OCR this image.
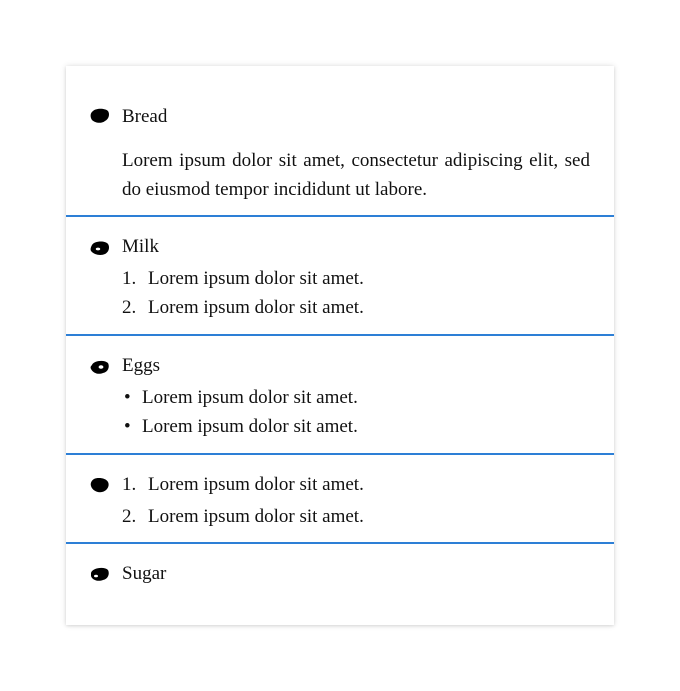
Bread
Lorem ipsum dolor sit amet, consectetur adipiscing elit, sed do eiusmod tempor incididunt ut labore.
Milk
1. Lorem ipsum dolor sit amet.
2. Lorem ipsum dolor sit amet.
Eggs
• Lorem ipsum dolor sit amet.
• Lorem ipsum dolor sit amet.
1. Lorem ipsum dolor sit amet.
2. Lorem ipsum dolor sit amet.
Sugar
